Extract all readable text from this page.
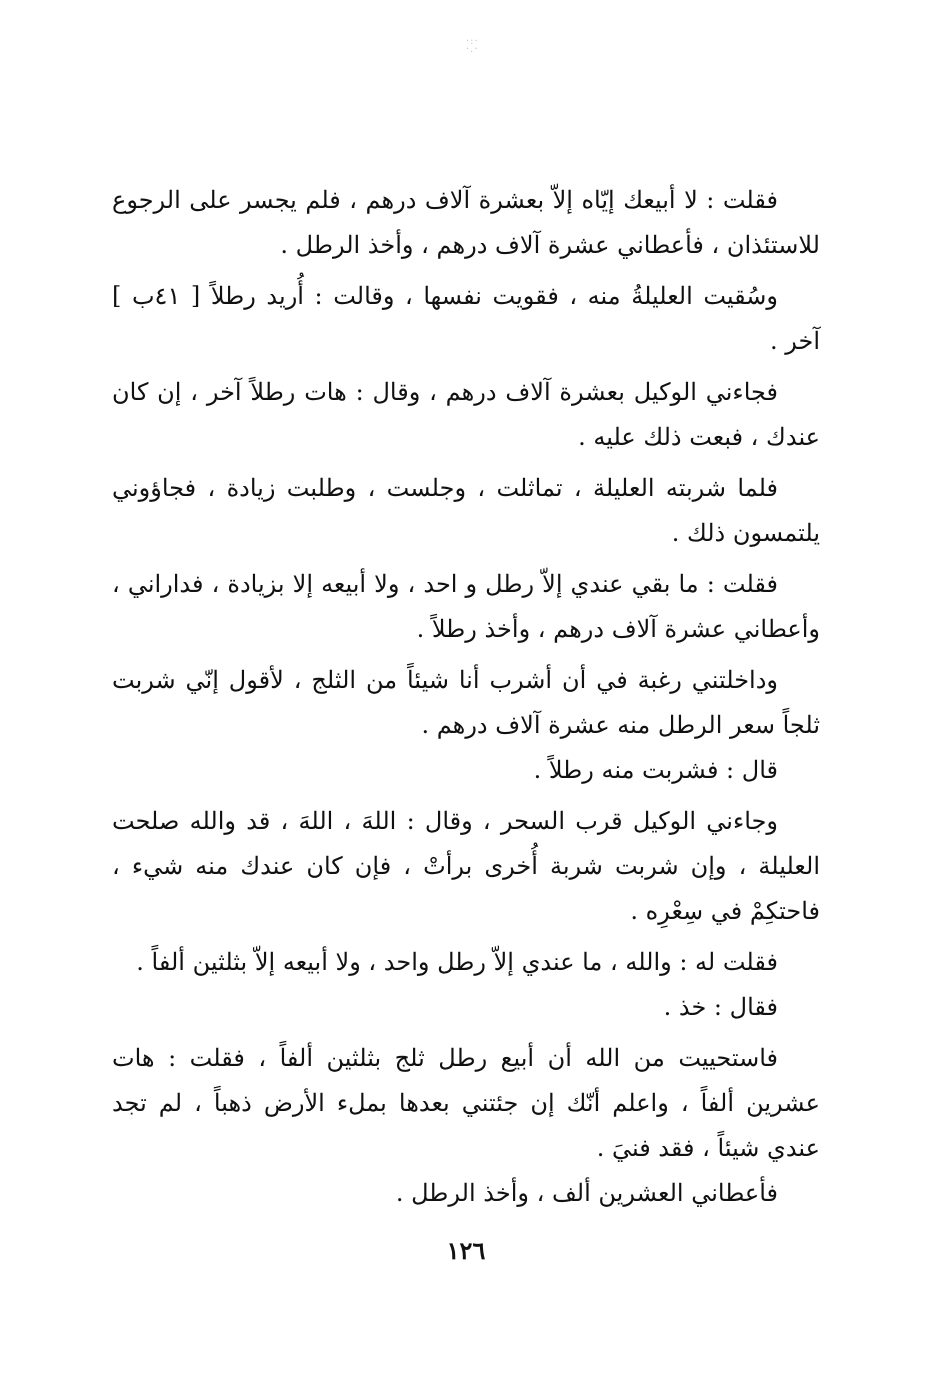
·:·
·.·

فقلت : لا أبيعك إيّاه إلاّ بعشرة آلاف درهم ، فلم يجسر على الرجوع للاستئذان ، فأعطاني عشرة آلاف درهم ، وأخذ الرطل .

وسُقيت العليلةُ منه ، فقويت نفسها ، وقالت : أُريد رطلاً [ ٤١ب ] آخر .

فجاءني الوكيل بعشرة آلاف درهم ، وقال : هات رطلاً آخر ، إن كان عندك ، فبعت ذلك عليه .

فلما شربته العليلة ، تماثلت ، وجلست ، وطلبت زيادة ، فجاؤوني يلتمسون ذلك .

فقلت : ما بقي عندي إلاّ رطل و احد ، ولا أبيعه إلا بزيادة ، فداراني ، وأعطاني عشرة آلاف درهم ، وأخذ رطلاً .

وداخلتني رغبة في أن أشرب أنا شيئاً من الثلج ، لأقول إنّي شربت ثلجاً سعر الرطل منه عشرة آلاف درهم .

قال : فشربت منه رطلاً .

وجاءني الوكيل قرب السحر ، وقال : اللهَ ، اللهَ ، قد والله صلحت العليلة ، وإن شربت شربة أُخرى برأتْ ، فإن كان عندك منه شيء ، فاحتكِمْ في سِعْرِه .

فقلت له : والله ، ما عندي إلاّ رطل واحد ، ولا أبيعه إلاّ بثلثين ألفاً .

فقال : خذ .

فاستحييت من الله أن أبيع رطل ثلج بثلثين ألفاً ، فقلت : هات عشرين ألفاً ، واعلم أنّك إن جئتني بعدها بملء الأرض ذهباً ، لم تجد عندي شيئاً ، فقد فنيَ .

فأعطاني العشرين ألف ، وأخذ الرطل .

١٢٦
